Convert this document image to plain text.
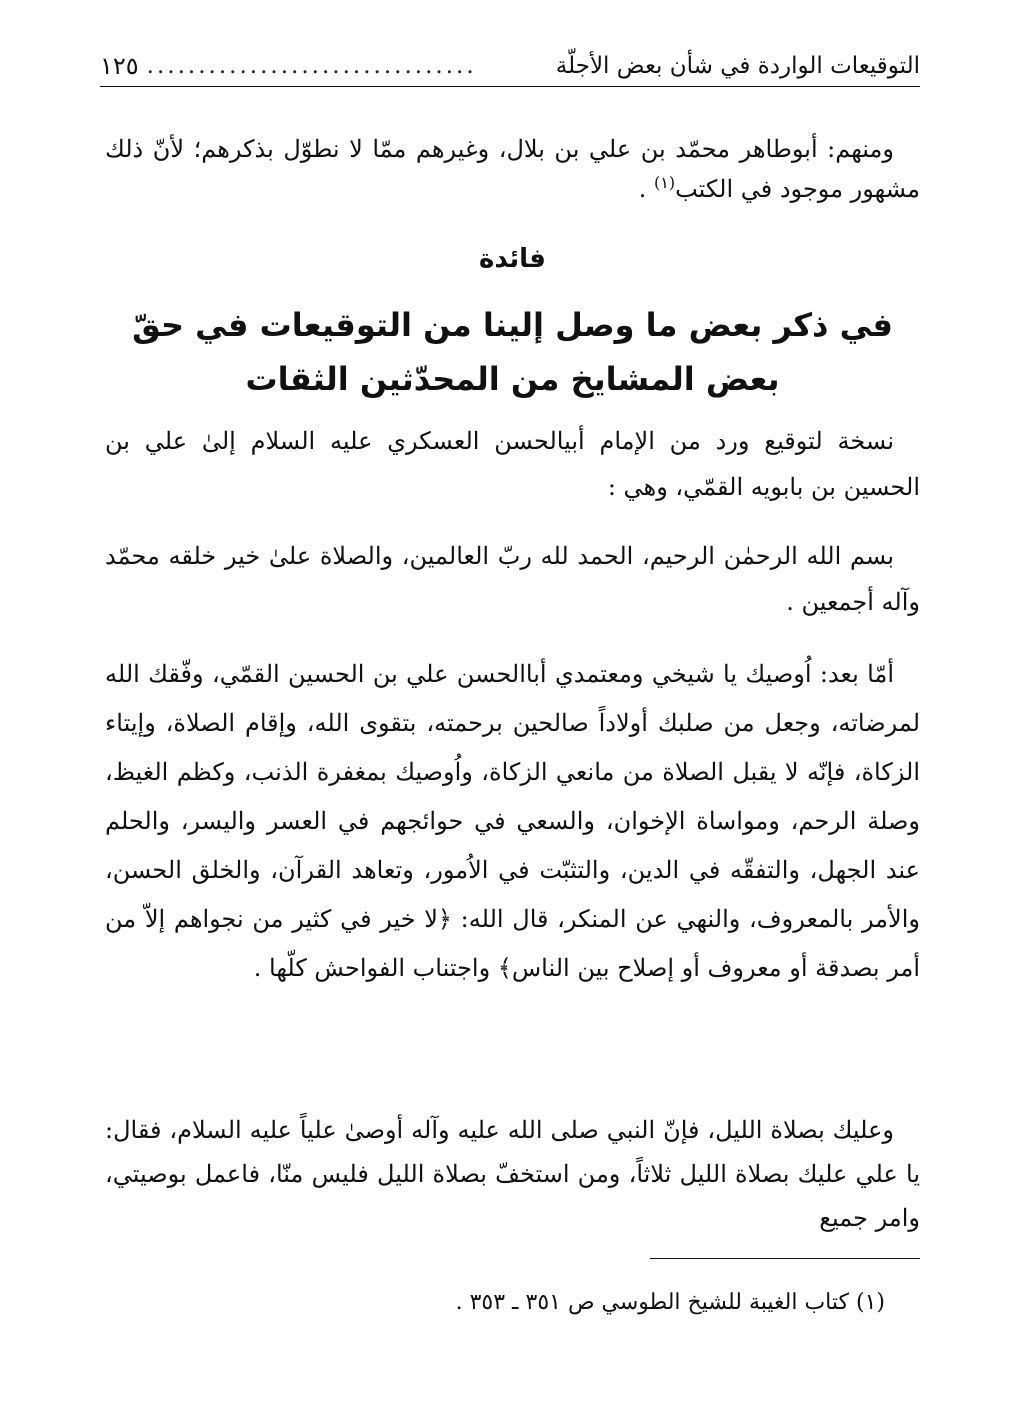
التوقيعات الواردة في شأن بعض الأجلّة
................................
١٢٥
ومنهم: أبوطاهر محمّد بن علي بن بلال، وغيرهم ممّا لا نطوّل بذكرهم؛ لأنّ ذلك مشهور موجود في الكتب$^{(١)}$ .
فائدة
في ذكر بعض ما وصل إلينا من التوقيعات في حقّ
بعض المشايخ من المحدّثين الثقات
نسخة لتوقيع ورد من الإمام أبيالحسن العسكري عليه السلام إلىٰ علي بن الحسين بن بابويه القمّي، وهي :
بسم الله الرحمٰن الرحيم، الحمد لله ربّ العالمين، والصلاة علىٰ خير خلقه محمّد وآله أجمعين .
أمّا بعد: اُوصيك يا شيخي ومعتمدي أباالحسن علي بن الحسين القمّي، وفّقك الله لمرضاته، وجعل من صلبك أولاداً صالحين برحمته، بتقوى الله، وإقام الصلاة، وإيتاء الزكاة، فإنّه لا يقبل الصلاة من مانعي الزكاة، واُوصيك بمغفرة الذنب، وكظم الغيظ، وصلة الرحم، ومواساة الإخوان، والسعي في حوائجهم في العسر واليسر، والحلم عند الجهل، والتفقّه في الدين، والتثبّت في الاُمور، وتعاهد القرآن، والخلق الحسن، والأمر بالمعروف، والنهي عن المنكر، قال الله: ﴿لا خير في كثير من نجواهم إلاّ من أمر بصدقة أو معروف أو إصلاح بين الناس﴾ واجتناب الفواحش كلّها .
وعليك بصلاة الليل، فإنّ النبي صلى الله عليه وآله أوصىٰ علياً عليه السلام، فقال: يا علي عليك بصلاة الليل ثلاثاً، ومن استخفّ بصلاة الليل فليس منّا، فاعمل بوصيتي، وامر جميع
(١) كتاب الغيبة للشيخ الطوسي ص ٣٥١ ـ ٣٥٣ .
